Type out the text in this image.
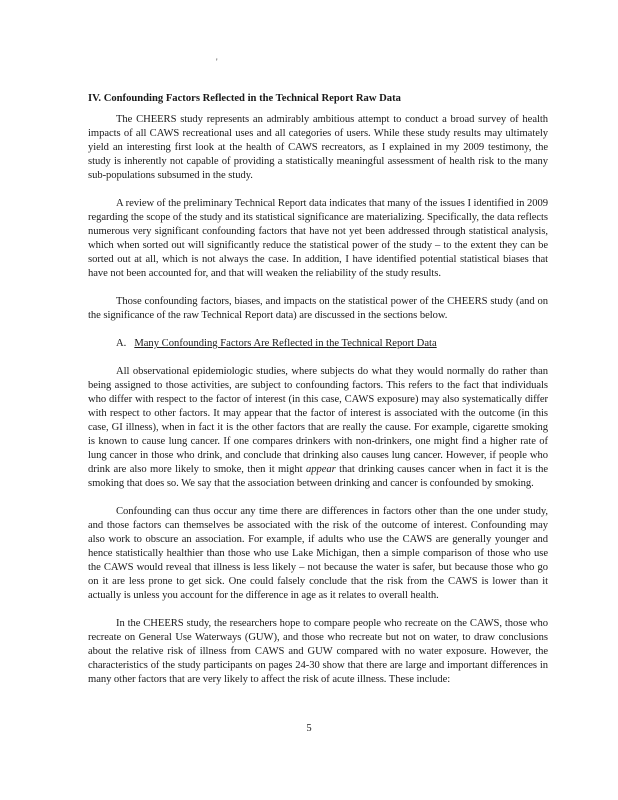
'
IV. Confounding Factors Reflected in the Technical Report Raw Data

The CHEERS study represents an admirably ambitious attempt to conduct a broad survey of health impacts of all CAWS recreational uses and all categories of users. While these study results may ultimately yield an interesting first look at the health of CAWS recreators, as I explained in my 2009 testimony, the study is inherently not capable of providing a statistically meaningful assessment of health risk to the many sub-populations subsumed in the study.

A review of the preliminary Technical Report data indicates that many of the issues I identified in 2009 regarding the scope of the study and its statistical significance are materializing. Specifically, the data reflects numerous very significant confounding factors that have not yet been addressed through statistical analysis, which when sorted out will significantly reduce the statistical power of the study – to the extent they can be sorted out at all, which is not always the case. In addition, I have identified potential statistical biases that have not been accounted for, and that will weaken the reliability of the study results.

Those confounding factors, biases, and impacts on the statistical power of the CHEERS study (and on the significance of the raw Technical Report data) are discussed in the sections below.

A. Many Confounding Factors Are Reflected in the Technical Report Data

All observational epidemiologic studies, where subjects do what they would normally do rather than being assigned to those activities, are subject to confounding factors. This refers to the fact that individuals who differ with respect to the factor of interest (in this case, CAWS exposure) may also systematically differ with respect to other factors. It may appear that the factor of interest is associated with the outcome (in this case, GI illness), when in fact it is the other factors that are really the cause. For example, cigarette smoking is known to cause lung cancer. If one compares drinkers with non-drinkers, one might find a higher rate of lung cancer in those who drink, and conclude that drinking also causes lung cancer. However, if people who drink are also more likely to smoke, then it might appear that drinking causes cancer when in fact it is the smoking that does so. We say that the association between drinking and cancer is confounded by smoking.

Confounding can thus occur any time there are differences in factors other than the one under study, and those factors can themselves be associated with the risk of the outcome of interest. Confounding may also work to obscure an association. For example, if adults who use the CAWS are generally younger and hence statistically healthier than those who use Lake Michigan, then a simple comparison of those who use the CAWS would reveal that illness is less likely – not because the water is safer, but because those who go on it are less prone to get sick. One could falsely conclude that the risk from the CAWS is lower than it actually is unless you account for the difference in age as it relates to overall health.

In the CHEERS study, the researchers hope to compare people who recreate on the CAWS, those who recreate on General Use Waterways (GUW), and those who recreate but not on water, to draw conclusions about the relative risk of illness from CAWS and GUW compared with no water exposure. However, the characteristics of the study participants on pages 24-30 show that there are large and important differences in many other factors that are very likely to affect the risk of acute illness. These include:

5
